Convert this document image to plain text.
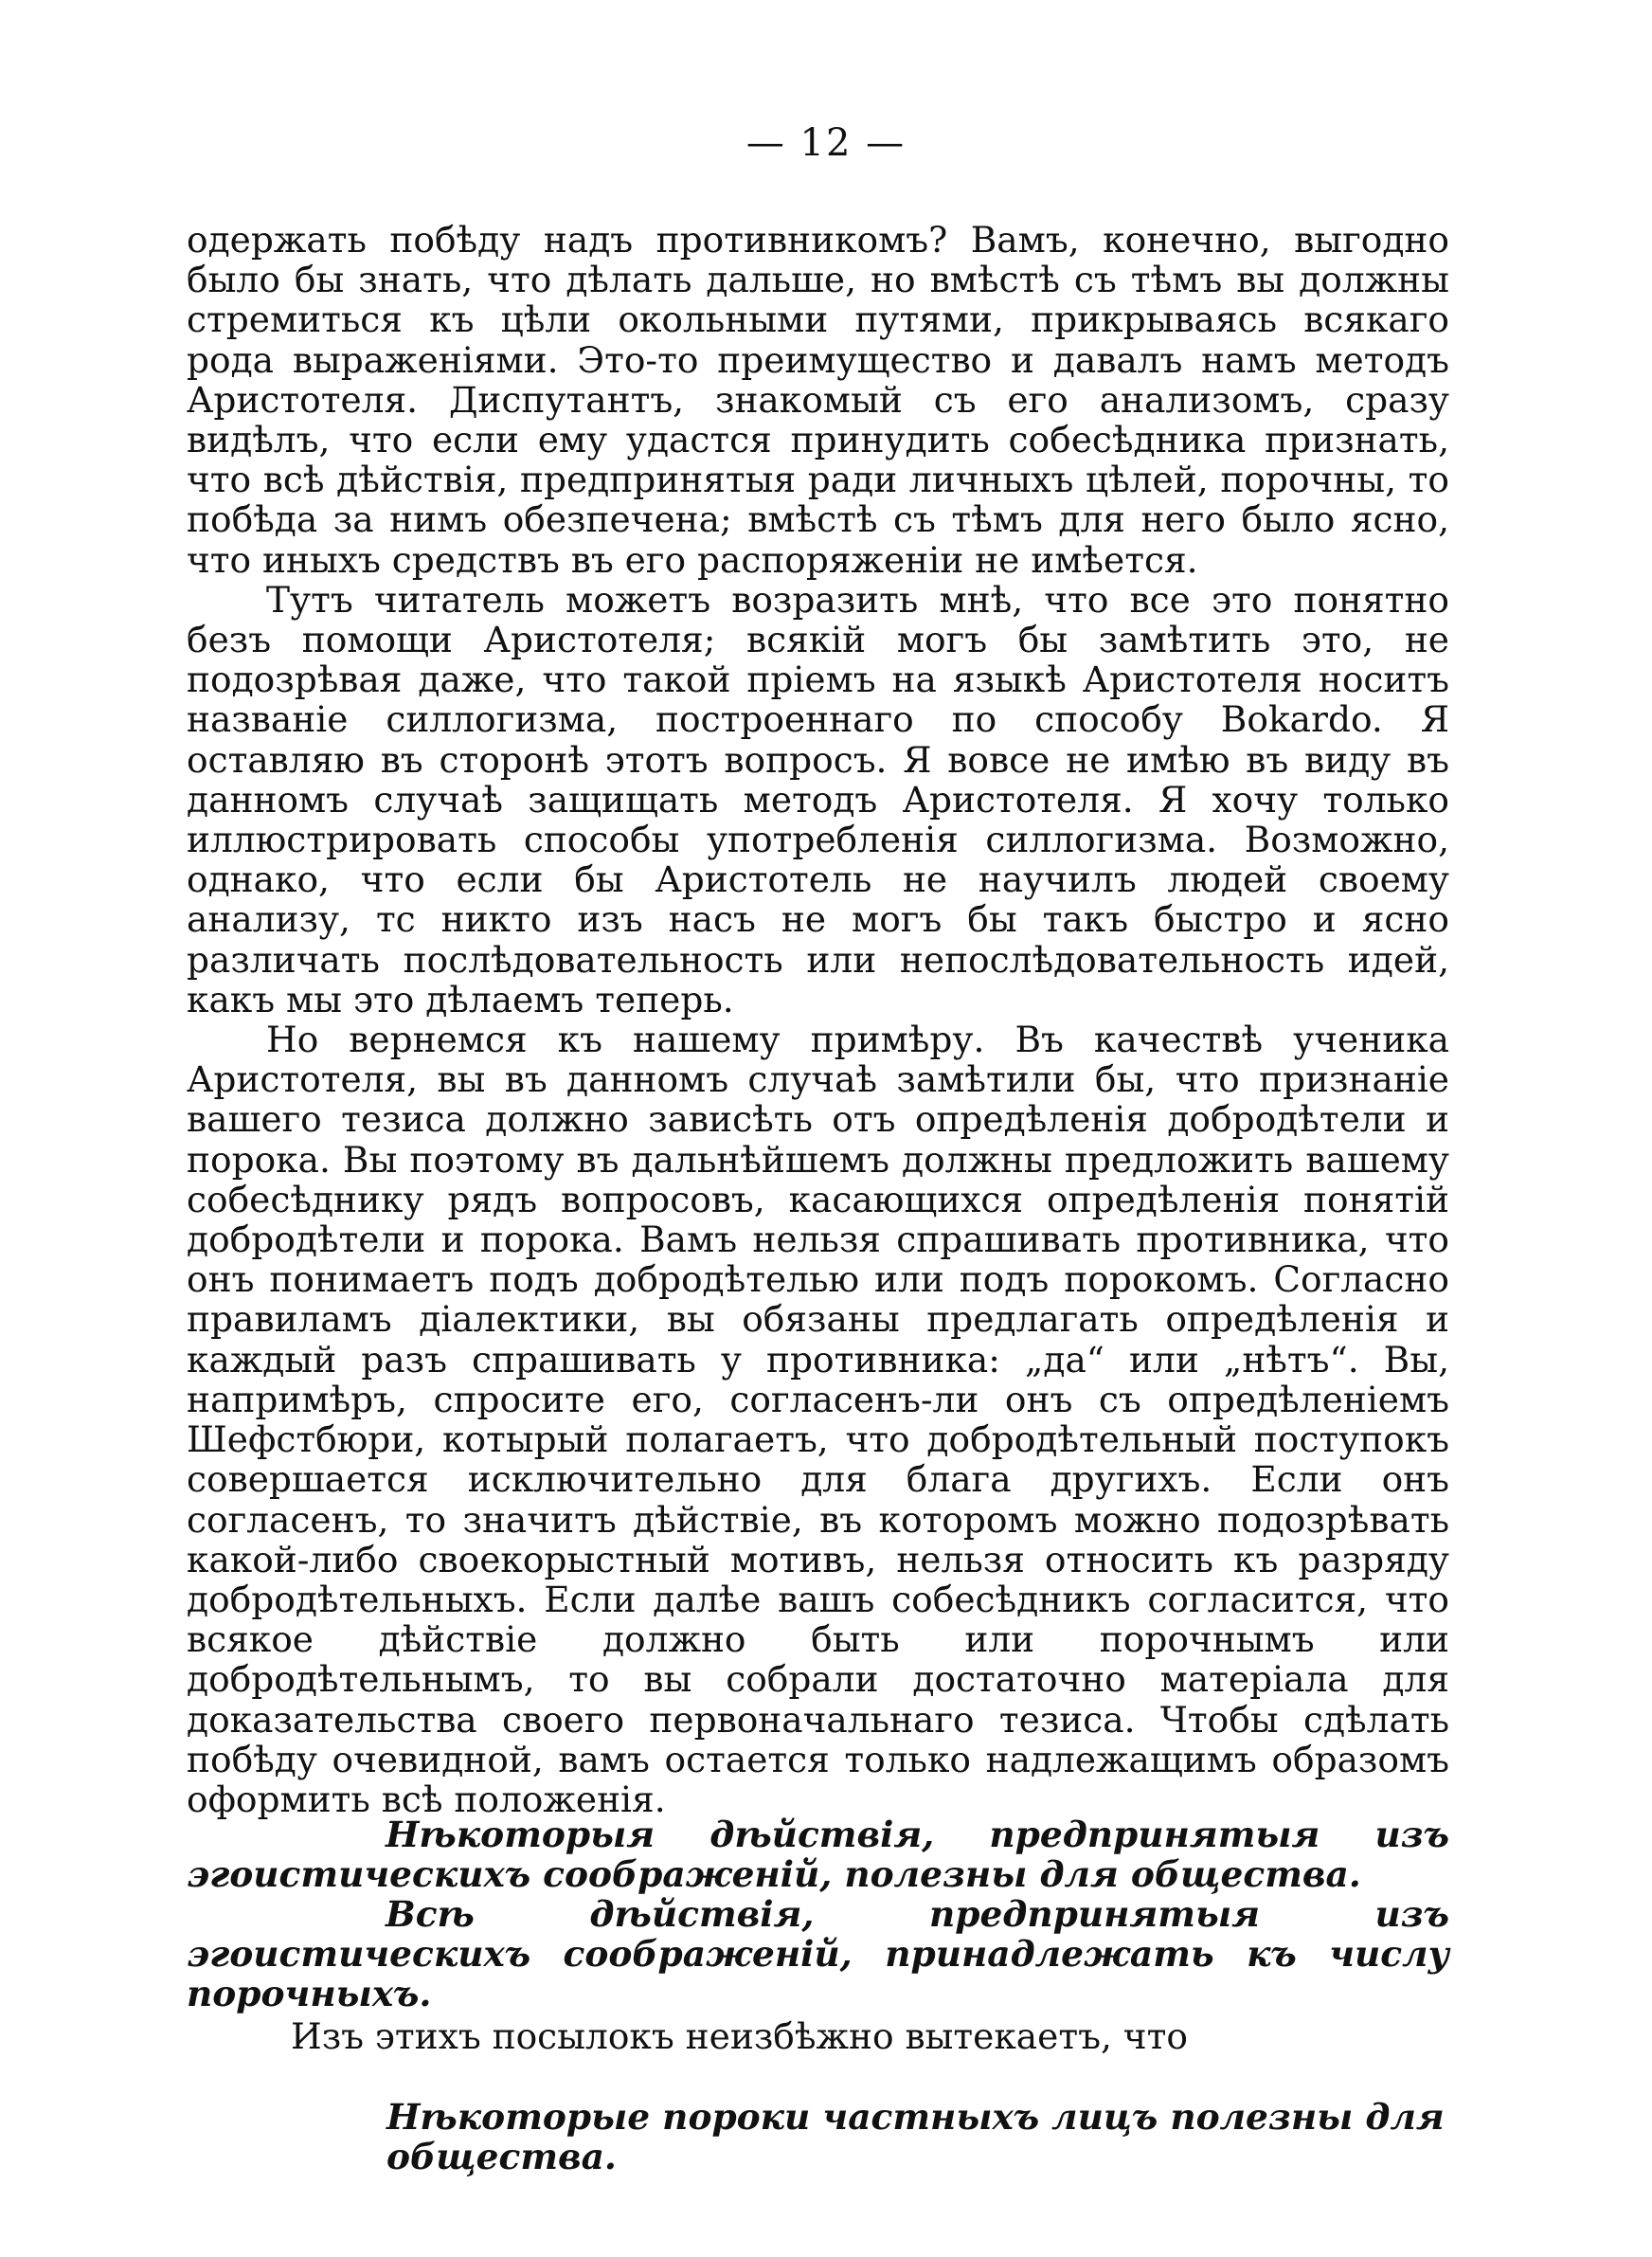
— 12 —

одержать побѣду надъ противникомъ? Вамъ, конечно, выгодно было бы знать, что дѣлать дальше, но вмѣстѣ съ тѣмъ вы должны стремиться къ цѣли окольными путями, прикрываясь всякаго рода выраженіями. Это-то преимущество и давалъ намъ методъ Аристотеля. Диспутантъ, знакомый съ его анализомъ, сразу видѣлъ, что если ему удастся принудить собесѣдника признать, что всѣ дѣйствія, предпринятыя ради личныхъ цѣлей, порочны, то побѣда за нимъ обезпечена; вмѣстѣ съ тѣмъ для него было ясно, что иныхъ средствъ въ его распоряженіи не имѣется.

Тутъ читатель можетъ возразить мнѣ, что все это понятно безъ помощи Аристотеля; всякій могъ бы замѣтить это, не подозрѣвая даже, что такой пріемъ на языкѣ Аристотеля носитъ названіе силлогизма, построеннаго по способу Bokardo. Я оставляю въ сторонѣ этотъ вопросъ. Я вовсе не имѣю въ виду въ данномъ случаѣ защищать методъ Аристотеля. Я хочу только иллюстрировать способы употребленія силлогизма. Возможно, однако, что если бы Аристотель не научилъ людей своему анализу, тс никто изъ насъ не могъ бы такъ быстро и ясно различать послѣдовательность или непослѣдовательность идей, какъ мы это дѣлаемъ теперь.

Но вернемся къ нашему примѣру. Въ качествѣ ученика Аристотеля, вы въ данномъ случаѣ замѣтили бы, что признаніе вашего тезиса должно зависѣть отъ опредѣленія добродѣтели и порока. Вы поэтому въ дальнѣйшемъ должны предложить вашему собесѣднику рядъ вопросовъ, касающихся опредѣленія понятій добродѣтели и порока. Вамъ нельзя спрашивать противника, что онъ понимаетъ подъ добродѣтелью или подъ порокомъ. Согласно правиламъ діалектики, вы обязаны предлагать опредѣленія и каждый разъ спрашивать у противника: „да“ или „нѣтъ“. Вы, напримѣръ, спросите его, согласенъ-ли онъ съ опредѣленіемъ Шефстбюри, котырый полагаетъ, что добродѣтельный поступокъ совершается исключительно для блага другихъ. Если онъ согласенъ, то значитъ дѣйствіе, въ которомъ можно подозрѣвать какой-либо своекорыстный мотивъ, нельзя относить къ разряду добродѣтельныхъ. Если далѣе вашъ собесѣдникъ согласится, что всякое дѣйствіе должно быть или порочнымъ или добродѣтельнымъ, то вы собрали достаточно матеріала для доказательства своего первоначальнаго тезиса. Чтобы сдѣлать побѣду очевидной, вамъ остается только надлежащимъ образомъ оформить всѣ положенія.

Нѣкоторыя дѣйствія, предпринятыя изъ эгоистическихъ соображеній, полезны для общества.

Всѣ дѣйствія, предпринятыя изъ эгоистическихъ соображеній, принадлежать къ числу порочныхъ.

Изъ этихъ посылокъ неизбѣжно вытекаетъ, что
Нѣкоторые пороки частныхъ лицъ полезны для общества.
